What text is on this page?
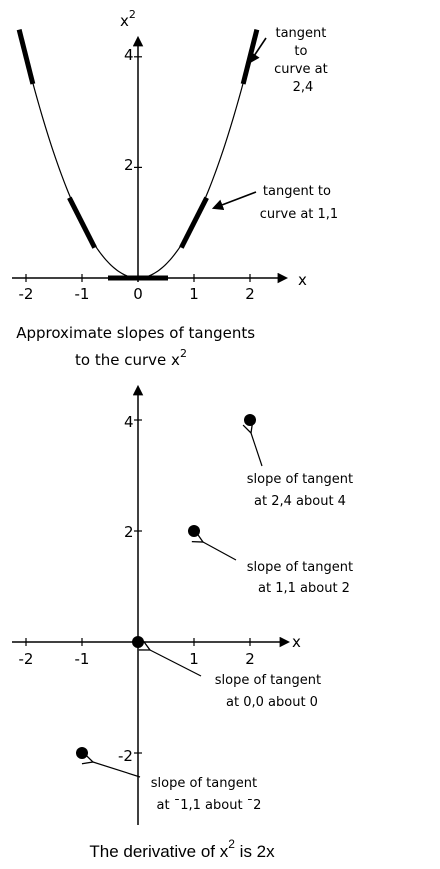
x
$x^2$
-2	-1	0	1	2
2
4
tangent to curve at 2,4
tangent to curve at 1,1
Approximate slopes of tangents to the curve $x^2$
x
-2	-1	1	2
4
2
-2
slope of tangent at 2,4 about 4
slope of tangent at 1,1 about 2
slope of tangent at 0,0 about 0
slope of tangent at ¯1,1 about ¯2
The derivative of $x^2$ is 2x
